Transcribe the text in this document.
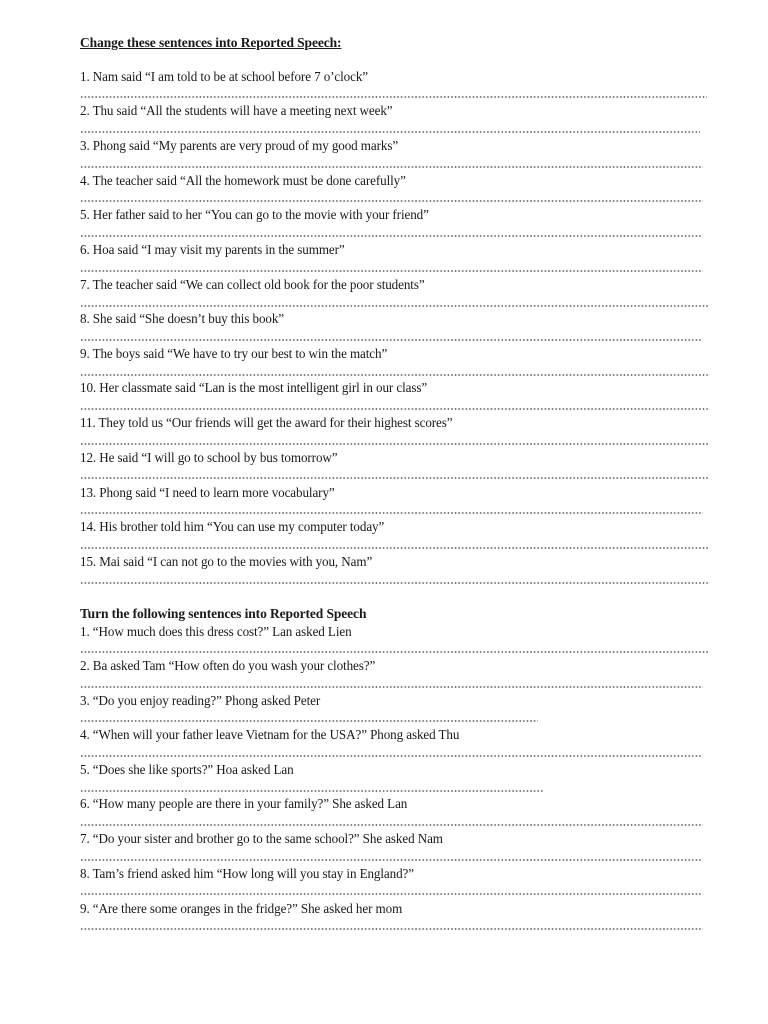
Change these sentences into Reported Speech:
1. Nam said “I am told to be at school before 7 o’clock”
2. Thu said “All the students will have a meeting next week”
3. Phong said “My parents are very proud of my good marks”
4. The teacher said “All the homework must be done carefully”
5. Her father said to her “You can go to the movie with your friend”
6. Hoa said “I may visit my parents in the summer”
7. The teacher said “We can collect old book for the poor students”
8. She said “She doesn’t buy this book”
9. The boys said “We have to try our best to win the match”
10. Her classmate said “Lan is the most intelligent girl in our class”
11. They told us “Our friends will get the award for their highest scores”
12. He said “I will go to school by bus tomorrow”
13. Phong said “I need to learn more vocabulary”
14. His brother told him “You can use my computer today”
15. Mai said “I can not go to the movies with you, Nam”
Turn the following sentences into Reported Speech
1. “How much does this dress cost?” Lan asked Lien
2. Ba asked Tam “How often do you wash your clothes?”
3. “Do you enjoy reading?” Phong asked Peter
4. “When will your father leave Vietnam for the USA?” Phong asked Thu
5. “Does she like sports?” Hoa asked Lan
6. “How many people are there in your family?” She asked Lan
7. “Do your sister and brother go to the same school?” She asked Nam
8. Tam’s friend asked him “How long will you stay in England?”
9. “Are there some oranges in the fridge?” She asked her mom
